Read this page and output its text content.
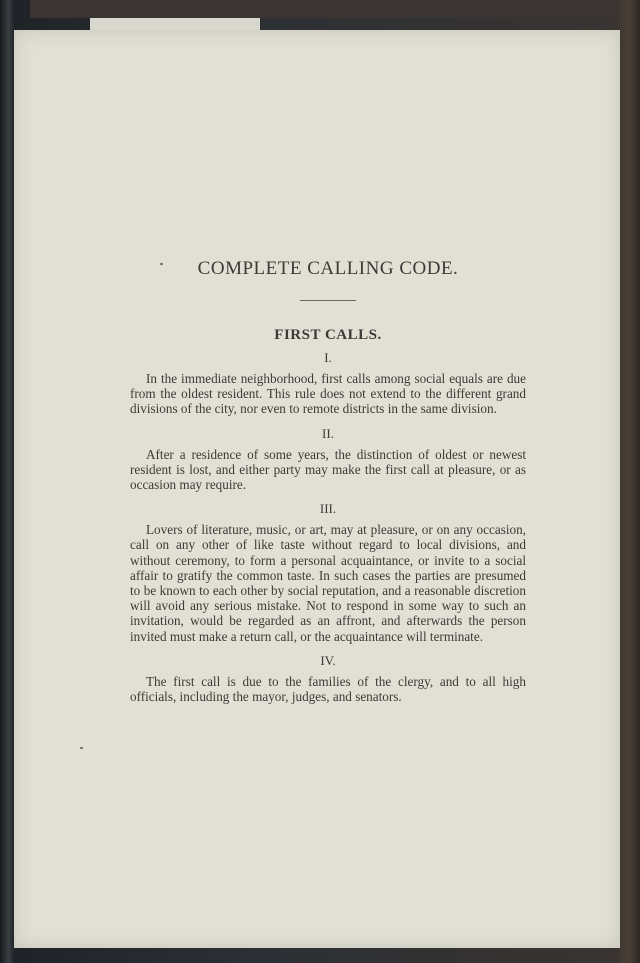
COMPLETE CALLING CODE.
FIRST CALLS.
I.

In the immediate neighborhood, first calls among social equals are due from the oldest resident. This rule does not extend to the different grand divisions of the city, nor even to remote districts in the same division.

II.

After a residence of some years, the distinction of oldest or newest resident is lost, and either party may make the first call at pleasure, or as occasion may require.

III.

Lovers of literature, music, or art, may at pleasure, or on any occasion, call on any other of like taste without regard to local divisions, and without ceremony, to form a personal acquaintance, or invite to a social affair to gratify the common taste. In such cases the parties are presumed to be known to each other by social reputation, and a reasonable discretion will avoid any serious mistake. Not to respond in some way to such an invitation, would be regarded as an affront, and afterwards the person invited must make a return call, or the acquaintance will terminate.

IV.

The first call is due to the families of the clergy, and to all high officials, including the mayor, judges, and senators.
